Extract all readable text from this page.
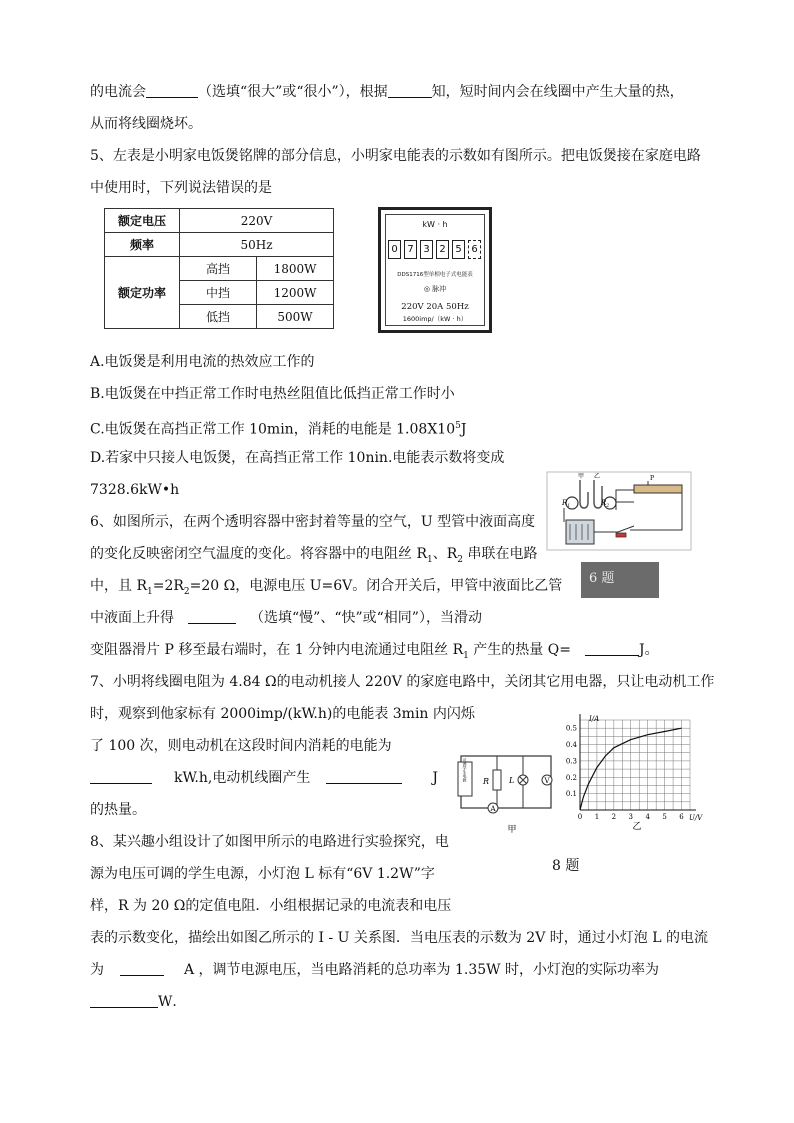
的电流会	（选填“很大”或“很小”），根据	知，短时间内会在线圈中产生大量的热，
从而将线圈烧坏。
5、左表是小明家电饭煲铭牌的部分信息，小明家电能表的示数如有图所示。把电饭煲接在家庭电路
中使用时，下列说法错误的是
额定电压	220V	
频率	50Hz	
额定功率	高挡	1800W
	中挡	1200W
	低挡	500W
kW · h
0 7 3 2 5 6
DDS1716型单相电子式电能表
◎ 脉冲
220V 20A 50Hz
1600imp/（kW · h）
A.电饭煲是利用电流的热效应工作的
B.电饭煲在中挡正常工作时电热丝阻值比低挡正常工作时小
C.电饭煲在高挡正常工作 10min，消耗的电能是 $1.08X10^5J$
D.若家中只接人电饭煲，在高挡正常工作 10nin.电能表示数将变成
7328.6kW•h
6、如图所示，在两个透明容器中密封着等量的空气，U 型管中液面高度
的变化反映密闭空气温度的变化。将容器中的电阻丝 $R_1$、$R_2$ 串联在电路
中，且 $R_1=2R_2=20$ Ω，电源电压 U=6V。闭合开关后，甲管中液面比乙管
中液面上升得	（选填“慢”、“快”或“相同”），当滑动
变阻器滑片 P 移至最右端时，在 1 分钟内电流通过电阻丝 $R_1$ 产生的热量 Q=	J。
甲 乙
$R_1$	$R_2$
P
6 题
7、小明将线圈电阻为 4.84 Ω的电动机接人 220V 的家庭电路中，关闭其它用电器，只让电动机工作
时，观察到他家标有 2000imp/(kW.h)的电能表 3min 内闪烁
了 100 次，则电动机在这段时间内消耗的电能为
kW.h,电动机线圈产生	J
的热量。
8、某兴趣小组设计了如图甲所示的电路进行实验探究，电
源为电压可调的学生电源，小灯泡 L 标有“6V 1.2W”字
样，R 为 20 Ω的定值电阻．小组根据记录的电流表和电压
表的示数变化，描绘出如图乙所示的 I - U 关系图．当电压表的示数为 2V 时，通过小灯泡 L 的电流
为	A ，调节电源电压，当电路消耗的总功率为 1.35W 时，小灯泡的实际功率为
W．
可调学生电源 R L	V
A
甲
0 1 2 3 4 5 6
0.1
0.2
0.3
0.4
0.5
I/A
U/V
乙
8 题
